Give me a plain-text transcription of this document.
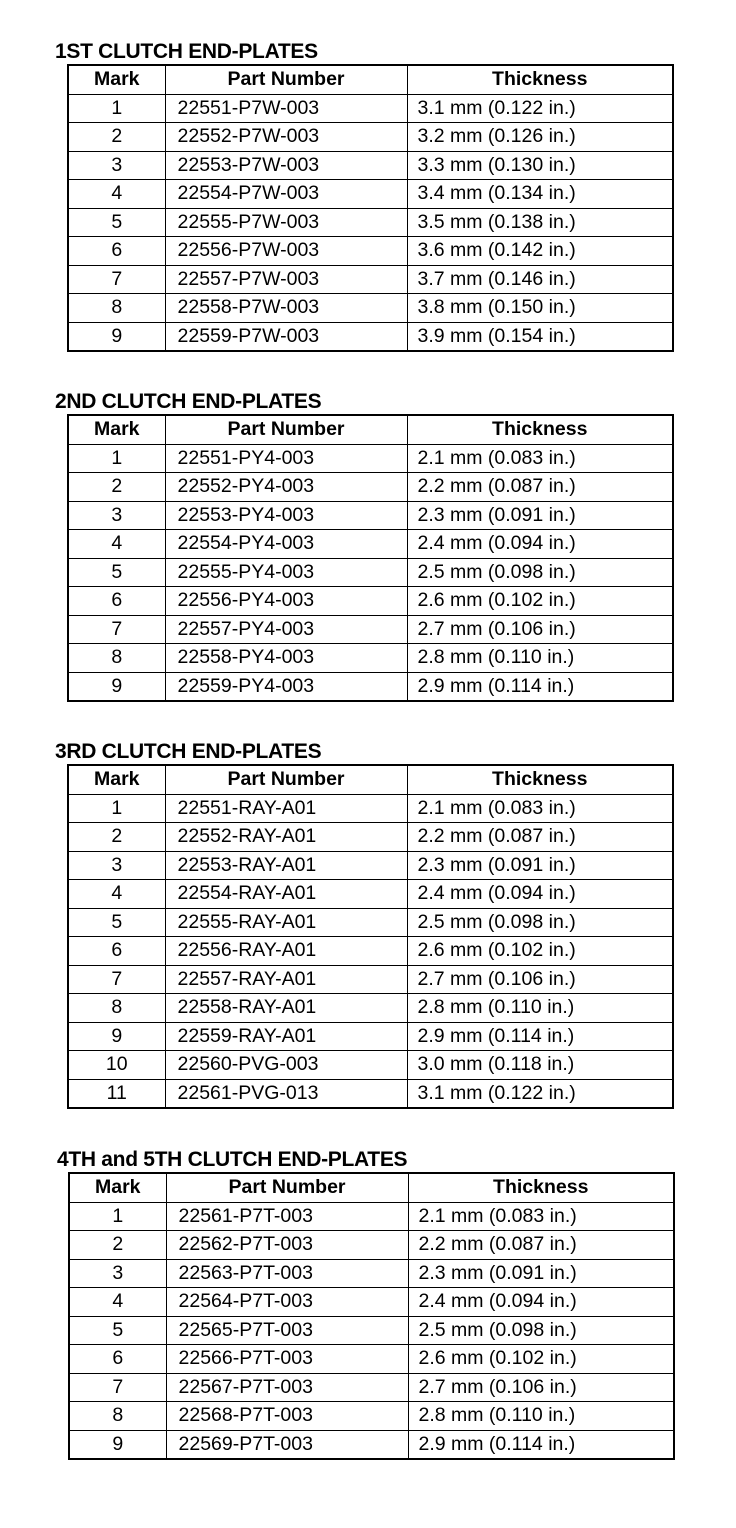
1ST CLUTCH END-PLATES
Mark	Part Number	Thickness
1	22551-P7W-003	3.1 mm (0.122 in.)
2	22552-P7W-003	3.2 mm (0.126 in.)
3	22553-P7W-003	3.3 mm (0.130 in.)
4	22554-P7W-003	3.4 mm (0.134 in.)
5	22555-P7W-003	3.5 mm (0.138 in.)
6	22556-P7W-003	3.6 mm (0.142 in.)
7	22557-P7W-003	3.7 mm (0.146 in.)
8	22558-P7W-003	3.8 mm (0.150 in.)
9	22559-P7W-003	3.9 mm (0.154 in.)
2ND CLUTCH END-PLATES
Mark	Part Number	Thickness
1	22551-PY4-003	2.1 mm (0.083 in.)
2	22552-PY4-003	2.2 mm (0.087 in.)
3	22553-PY4-003	2.3 mm (0.091 in.)
4	22554-PY4-003	2.4 mm (0.094 in.)
5	22555-PY4-003	2.5 mm (0.098 in.)
6	22556-PY4-003	2.6 mm (0.102 in.)
7	22557-PY4-003	2.7 mm (0.106 in.)
8	22558-PY4-003	2.8 mm (0.110 in.)
9	22559-PY4-003	2.9 mm (0.114 in.)
3RD CLUTCH END-PLATES
Mark	Part Number	Thickness
1	22551-RAY-A01	2.1 mm (0.083 in.)
2	22552-RAY-A01	2.2 mm (0.087 in.)
3	22553-RAY-A01	2.3 mm (0.091 in.)
4	22554-RAY-A01	2.4 mm (0.094 in.)
5	22555-RAY-A01	2.5 mm (0.098 in.)
6	22556-RAY-A01	2.6 mm (0.102 in.)
7	22557-RAY-A01	2.7 mm (0.106 in.)
8	22558-RAY-A01	2.8 mm (0.110 in.)
9	22559-RAY-A01	2.9 mm (0.114 in.)
10	22560-PVG-003	3.0 mm (0.118 in.)
11	22561-PVG-013	3.1 mm (0.122 in.)
4TH and 5TH CLUTCH END-PLATES
Mark	Part Number	Thickness
1	22561-P7T-003	2.1 mm (0.083 in.)
2	22562-P7T-003	2.2 mm (0.087 in.)
3	22563-P7T-003	2.3 mm (0.091 in.)
4	22564-P7T-003	2.4 mm (0.094 in.)
5	22565-P7T-003	2.5 mm (0.098 in.)
6	22566-P7T-003	2.6 mm (0.102 in.)
7	22567-P7T-003	2.7 mm (0.106 in.)
8	22568-P7T-003	2.8 mm (0.110 in.)
9	22569-P7T-003	2.9 mm (0.114 in.)
